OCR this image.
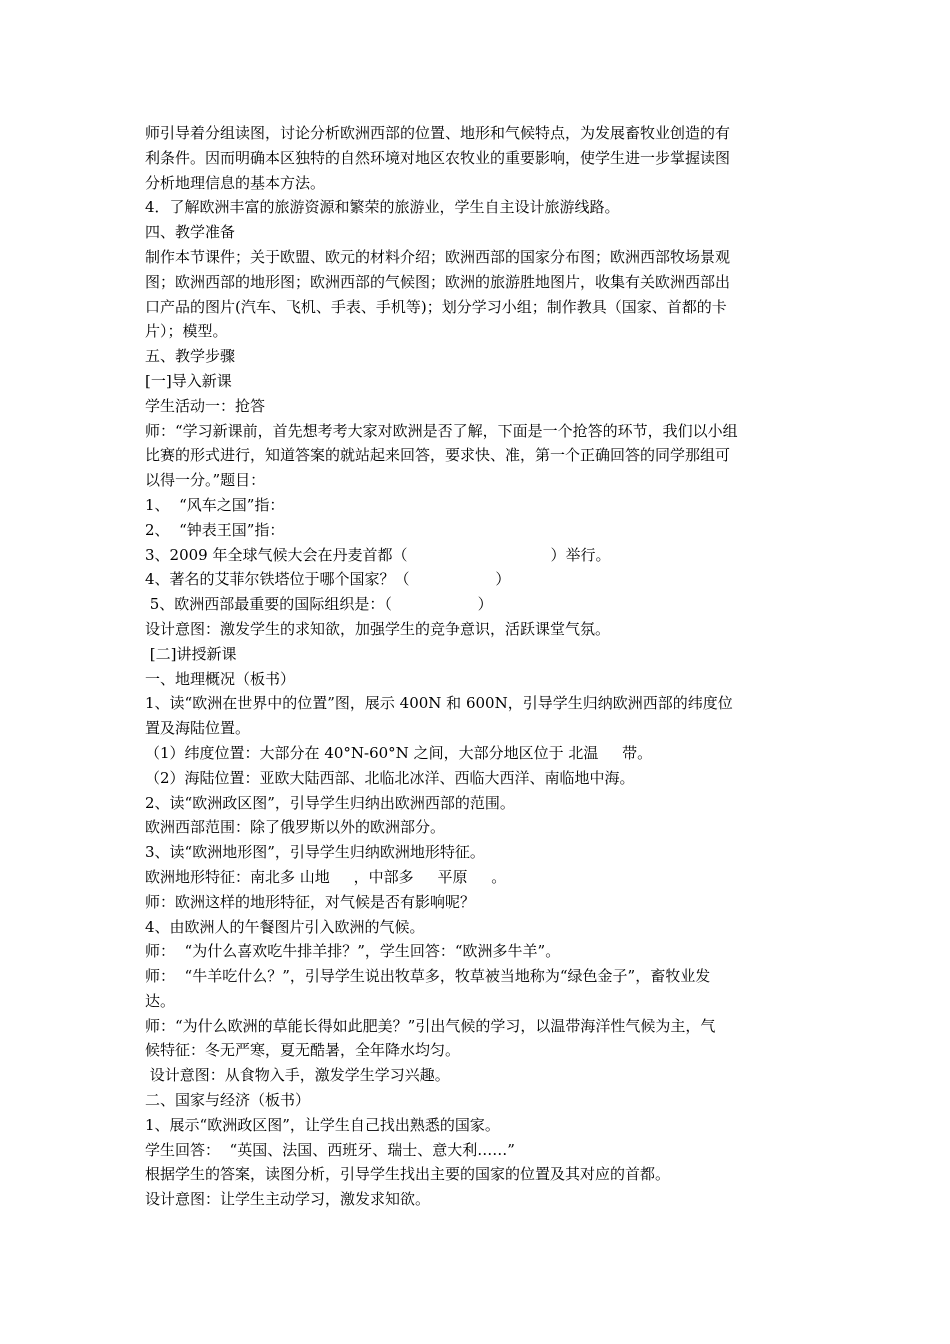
师引导着分组读图，讨论分析欧洲西部的位置、地形和气候特点，为发展畜牧业创造的有
利条件。因而明确本区独特的自然环境对地区农牧业的重要影响，使学生进一步掌握读图
分析地理信息的基本方法。
4．了解欧洲丰富的旅游资源和繁荣的旅游业，学生自主设计旅游线路。
四、教学准备
制作本节课件；关于欧盟、欧元的材料介绍；欧洲西部的国家分布图；欧洲西部牧场景观
图；欧洲西部的地形图；欧洲西部的气候图；欧洲的旅游胜地图片，收集有关欧洲西部出
口产品的图片(汽车、飞机、手表、手机等)；划分学习小组；制作教具（国家、首都的卡
片）；模型。
五、教学步骤
[一]导入新课
学生活动一：抢答
师：“学习新课前，首先想考考大家对欧洲是否了解，下面是一个抢答的环节，我们以小组
比赛的形式进行，知道答案的就站起来回答，要求快、准，第一个正确回答的同学那组可
以得一分。”题目：
1、  “风车之国”指：
2、  “钟表王国”指：
3、2009 年全球气候大会在丹麦首都（                              ）举行。
4、著名的艾菲尔铁塔位于哪个国家？（                  ）
5、欧洲西部最重要的国际组织是：（                  ）
设计意图：激发学生的求知欲，加强学生的竞争意识，活跃课堂气氛。
[二]讲授新课
一、地理概况（板书）
1、读“欧洲在世界中的位置”图，展示 400N 和 600N，引导学生归纳欧洲西部的纬度位
置及海陆位置。
（1）纬度位置：大部分在 40°N-60°N 之间，大部分地区位于 北温     带。
（2）海陆位置：亚欧大陆西部、北临北冰洋、西临大西洋、南临地中海。
2、读“欧洲政区图”，引导学生归纳出欧洲西部的范围。
欧洲西部范围：除了俄罗斯以外的欧洲部分。
3、读“欧洲地形图”，引导学生归纳欧洲地形特征。
欧洲地形特征：南北多 山地     ，中部多     平原     。
师：欧洲这样的地形特征，对气候是否有影响呢？
4、由欧洲人的午餐图片引入欧洲的气候。
师：  “为什么喜欢吃牛排羊排？”，学生回答：“欧洲多牛羊”。
师：  “牛羊吃什么？”，引导学生说出牧草多，牧草被当地称为“绿色金子”，畜牧业发
达。
师：“为什么欧洲的草能长得如此肥美？”引出气候的学习，以温带海洋性气候为主，气
候特征：冬无严寒，夏无酷暑，全年降水均匀。
设计意图：从食物入手，激发学生学习兴趣。
二、国家与经济（板书）
1、展示“欧洲政区图”，让学生自己找出熟悉的国家。
学生回答：  “英国、法国、西班牙、瑞士、意大利……”
根据学生的答案，读图分析，引导学生找出主要的国家的位置及其对应的首都。
设计意图：让学生主动学习，激发求知欲。
